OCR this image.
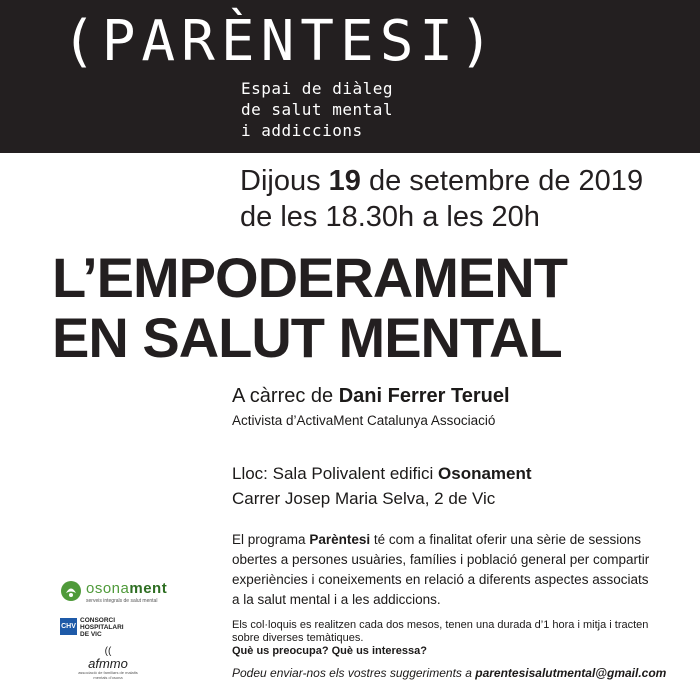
(PARÈNTESI)
Espai de diàleg
de salut mental
i addiccions
Dijous 19 de setembre de 2019
de les 18.30h a les 20h
L’EMPODERAMENT
EN SALUT MENTAL
A càrrec de Dani Ferrer Teruel
Activista d’ActivaMent Catalunya Associació
Lloc: Sala Polivalent edifici Osonament
Carrer Josep Maria Selva, 2 de Vic
El programa Parèntesi té com a finalitat oferir una sèrie de sessions
obertes a persones usuàries, famílies i població general per compartir
experiències i coneixements en relació a diferents aspectes associats
a la salut mental i a les addiccions.
Els col·loquis es realitzen cada dos mesos, tenen una durada d’1 hora i mitja i tracten
sobre diverses temàtiques.
Què us preocupa? Què us interessa?
Podeu enviar-nos els vostres suggeriments a parentesisalutmental@gmail.com
osonament
serveis integrals de salut mental
CHV
CONSORCI
HOSPITALARI
DE VIC
((
afmmo
associació de familiars de malalts mentals d’osona
